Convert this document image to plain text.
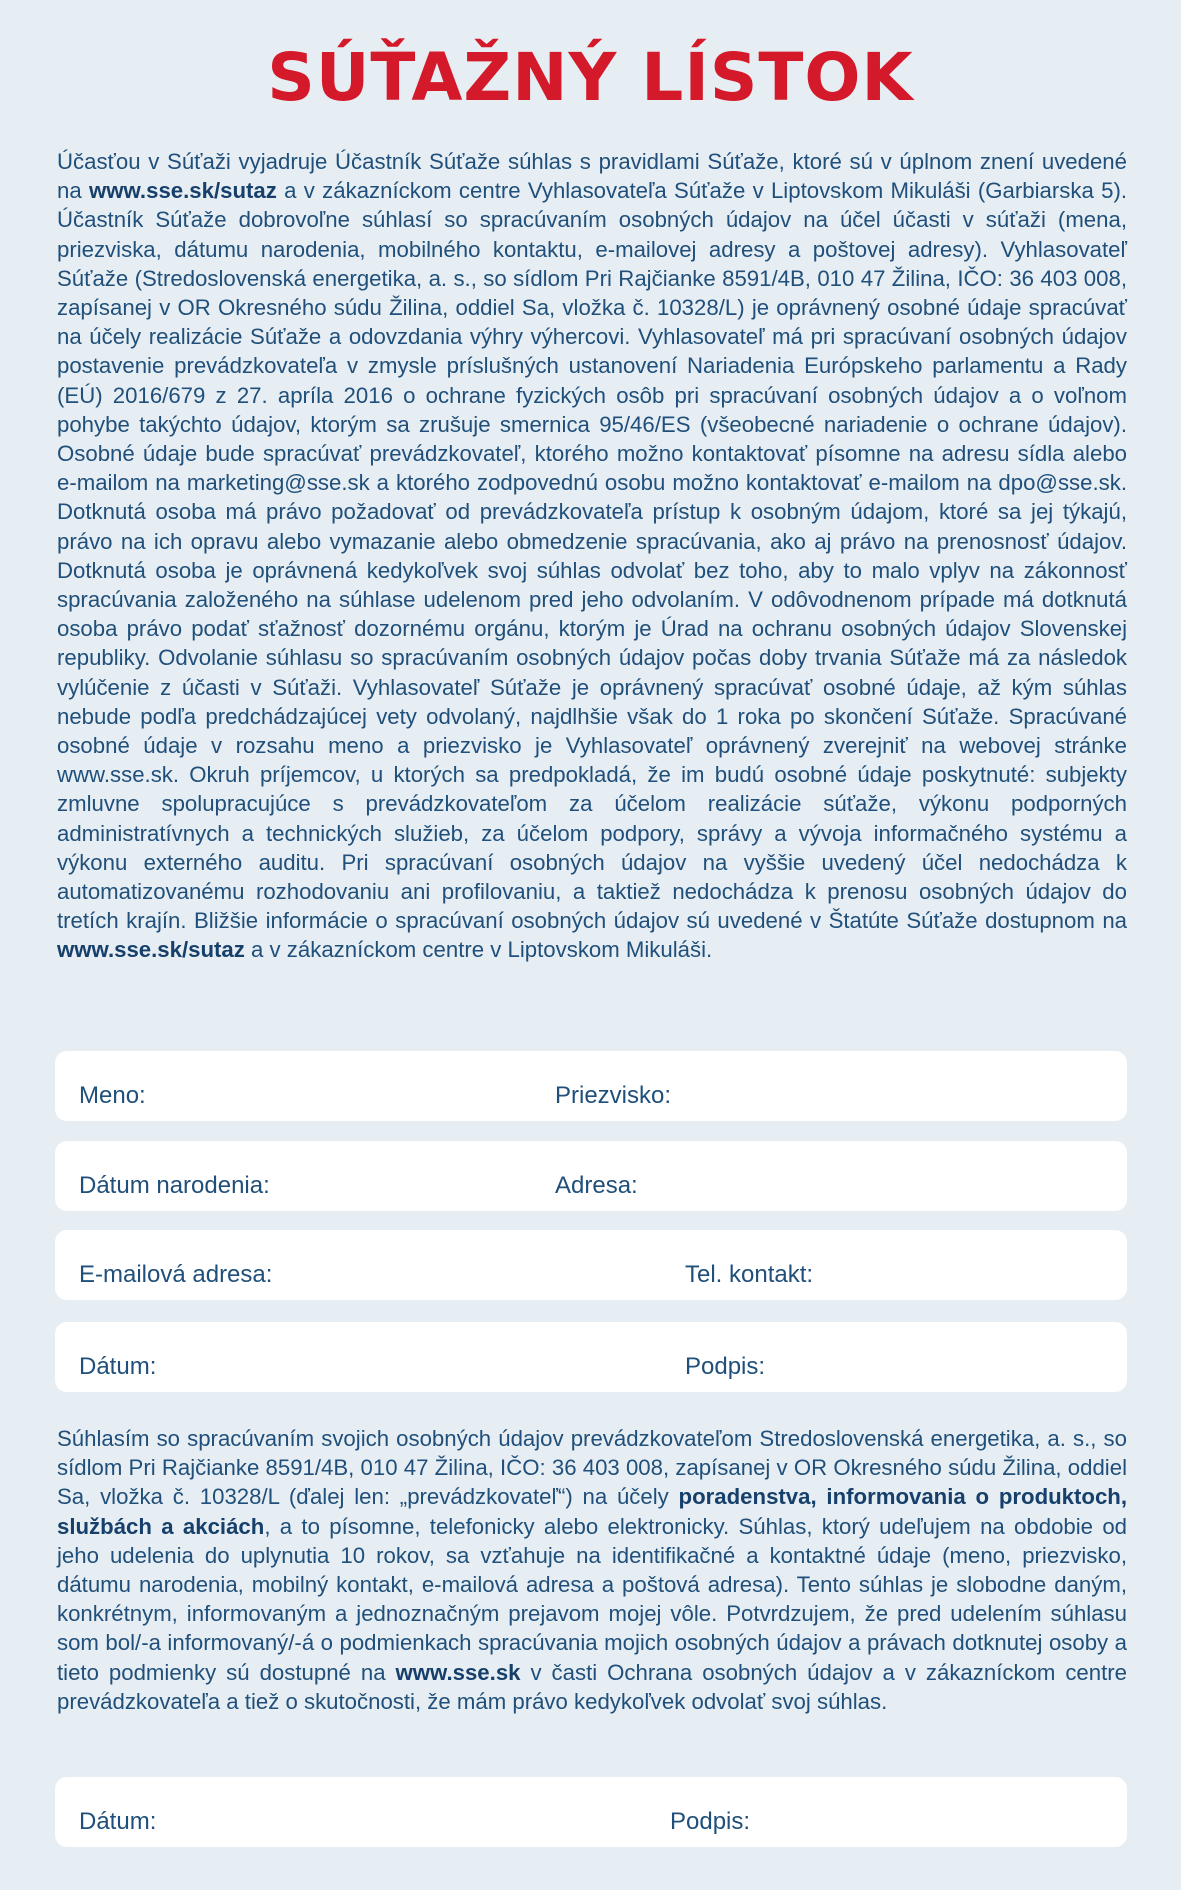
SÚŤAŽNÝ LÍSTOK

Účasťou v Súťaži vyjadruje Účastník Súťaže súhlas s pravidlami Súťaže, ktoré sú v úplnom znení uvedené na www.sse.sk/sutaz a v zákazníckom centre Vyhlasovateľa Súťaže v Liptovskom Mikuláši (Garbiarska 5). Účastník Súťaže dobrovoľne súhlasí so spracúvaním osobných údajov na účel účasti v súťaži (mena, priezviska, dátumu narodenia, mobilného kontaktu, e-mailovej adresy a poštovej adresy). Vyhlasovateľ Súťaže (Stredoslovenská energetika, a. s., so sídlom Pri Rajčianke 8591/4B, 010 47 Žilina, IČO: 36 403 008, zapísanej v OR Okresného súdu Žilina, oddiel Sa, vložka č. 10328/L) je oprávnený osobné údaje spracúvať na účely realizácie Súťaže a odovzdania výhry výhercovi. Vyhlasovateľ má pri spracúvaní osobných údajov postavenie prevádzkovateľa v zmysle príslušných ustanovení Nariadenia Európskeho parlamentu a Rady (EÚ) 2016/679 z 27. apríla 2016 o ochrane fyzických osôb pri spracúvaní osobných údajov a o voľnom pohybe takýchto údajov, ktorým sa zrušuje smernica 95/46/ES (všeobecné nariadenie o ochrane údajov). Osobné údaje bude spracúvať prevádzkovateľ, ktorého možno kontaktovať písomne na adresu sídla alebo e-mailom na marketing@sse.sk a ktorého zodpovednú osobu možno kontaktovať e-mailom na dpo@sse.sk. Dotknutá osoba má právo požadovať od prevádzkovateľa prístup k osobným údajom, ktoré sa jej týkajú, právo na ich opravu alebo vymazanie alebo obmedzenie spracúvania, ako aj právo na prenosnosť údajov. Dotknutá osoba je oprávnená kedykoľvek svoj súhlas odvolať bez toho, aby to malo vplyv na zákonnosť spracúvania založeného na súhlase udelenom pred jeho odvolaním. V odôvodnenom prípade má dotknutá osoba právo podať sťažnosť dozornému orgánu, ktorým je Úrad na ochranu osobných údajov Slovenskej republiky. Odvolanie súhlasu so spracúvaním osobných údajov počas doby trvania Súťaže má za následok vylúčenie z účasti v Súťaži. Vyhlasovateľ Súťaže je oprávnený spracúvať osobné údaje, až kým súhlas nebude podľa predchádzajúcej vety odvolaný, najdlhšie však do 1 roka po skončení Súťaže. Spracúvané osobné údaje v rozsahu meno a priezvisko je Vyhlasovateľ oprávnený zverejniť na webovej stránke www.sse.sk. Okruh príjemcov, u ktorých sa predpokladá, že im budú osobné údaje poskytnuté: subjekty zmluvne spolupracujúce s prevádzkovateľom za účelom realizácie súťaže, výkonu podporných administratívnych a technických služieb, za účelom podpory, správy a vývoja informačného systému a výkonu externého auditu. Pri spracúvaní osobných údajov na vyššie uvedený účel nedochádza k automatizovanému rozhodovaniu ani profilovaniu, a taktiež nedochádza k prenosu osobných údajov do tretích krajín. Bližšie informácie o spracúvaní osobných údajov sú uvedené v Štatúte Súťaže dostupnom na www.sse.sk/sutaz a v zákazníckom centre v Liptovskom Mikuláši.

Meno:	Priezvisko:
Dátum narodenia:	Adresa:
E-mailová adresa:	Tel. kontakt:
Dátum:	Podpis:

Súhlasím so spracúvaním svojich osobných údajov prevádzkovateľom Stredoslovenská energetika, a. s., so sídlom Pri Rajčianke 8591/4B, 010 47 Žilina, IČO: 36 403 008, zapísanej v OR Okresného súdu Žilina, oddiel Sa, vložka č. 10328/L (ďalej len: „prevádzkovateľ“) na účely poradenstva, informovania o produktoch, službách a akciách, a to písomne, telefonicky alebo elektronicky. Súhlas, ktorý udeľujem na obdobie od jeho udelenia do uplynutia 10 rokov, sa vzťahuje na identifikačné a kontaktné údaje (meno, priezvisko, dátumu narodenia, mobilný kontakt, e-mailová adresa a poštová adresa). Tento súhlas je slobodne daným, konkrétnym, informovaným a jednoznačným prejavom mojej vôle. Potvrdzujem, že pred udelením súhlasu som bol/-a informovaný/-á o podmienkach spracúvania mojich osobných údajov a právach dotknutej osoby a tieto podmienky sú dostupné na www.sse.sk v časti Ochrana osobných údajov a v zákazníckom centre prevádzkovateľa a tiež o skutočnosti, že mám právo kedykoľvek odvolať svoj súhlas.

Dátum:	Podpis:
